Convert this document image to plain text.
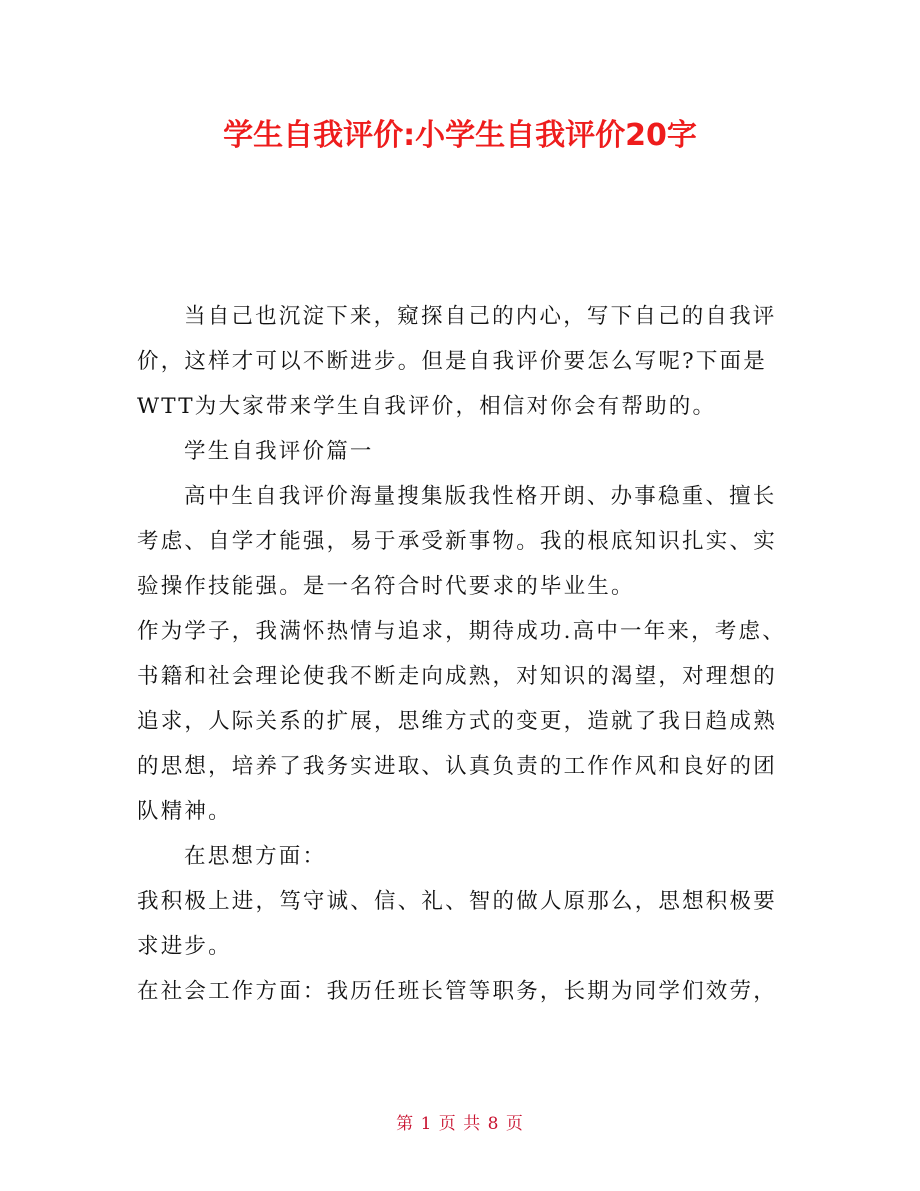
学生自我评价:小学生自我评价20字

当自己也沉淀下来，窥探自己的内心，写下自己的自我评价，这样才可以不断进步。但是自我评价要怎么写呢?下面是WTT为大家带来学生自我评价，相信对你会有帮助的。

学生自我评价篇一

高中生自我评价海量搜集版我性格开朗、办事稳重、擅长考虑、自学才能强，易于承受新事物。我的根底知识扎实、实验操作技能强。是一名符合时代要求的毕业生。

作为学子，我满怀热情与追求，期待成功.高中一年来，考虑、书籍和社会理论使我不断走向成熟，对知识的渴望，对理想的追求，人际关系的扩展，思维方式的变更，造就了我日趋成熟的思想，培养了我务实进取、认真负责的工作作风和良好的团队精神。

在思想方面：

我积极上进，笃守诚、信、礼、智的做人原那么，思想积极要求进步。

在社会工作方面：我历任班长管等职务，长期为同学们效劳，

第 1 页 共 8 页
